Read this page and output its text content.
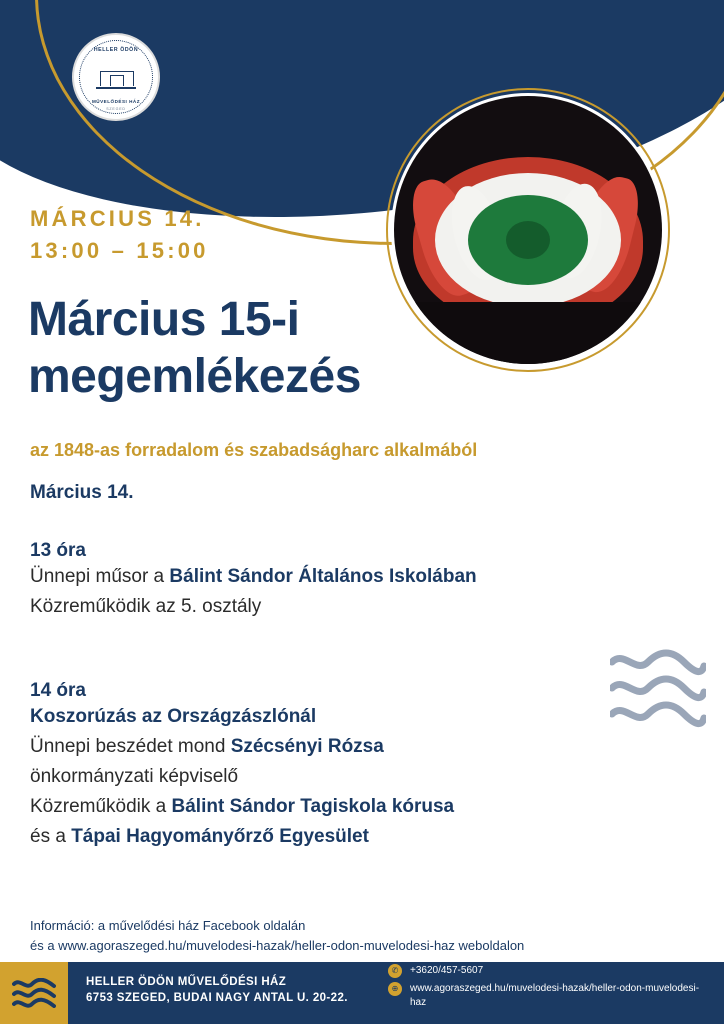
HELLER ÖDÖN
MŰVELŐDÉSI HÁZ
SZEGED
MÁRCIUS 14.
13:00 – 15:00
Március 15-i
megemlékezés
az 1848-as forradalom és szabadságharc alkalmából
Március 14.
13 óra
Ünnepi műsor a Bálint Sándor Általános Iskolában
Közreműködik az 5. osztály
14 óra
Koszorúzás az Országzászlónál
Ünnepi beszédet mond Szécsényi Rózsa
önkormányzati képviselő
Közreműködik a Bálint Sándor Tagiskola kórusa
és a Tápai Hagyományőrző Egyesület
Információ: a művelődési ház Facebook oldalán
és a www.agoraszeged.hu/muvelodesi-hazak/heller-odon-muvelodesi-haz weboldalon
HELLER ÖDÖN MŰVELŐDÉSI HÁZ
6753 SZEGED, BUDAI NAGY ANTAL U. 20-22.
✆	+3620/457-5607
⊕	www.agoraszeged.hu/muvelodesi-hazak/heller-odon-muvelodesi-haz
